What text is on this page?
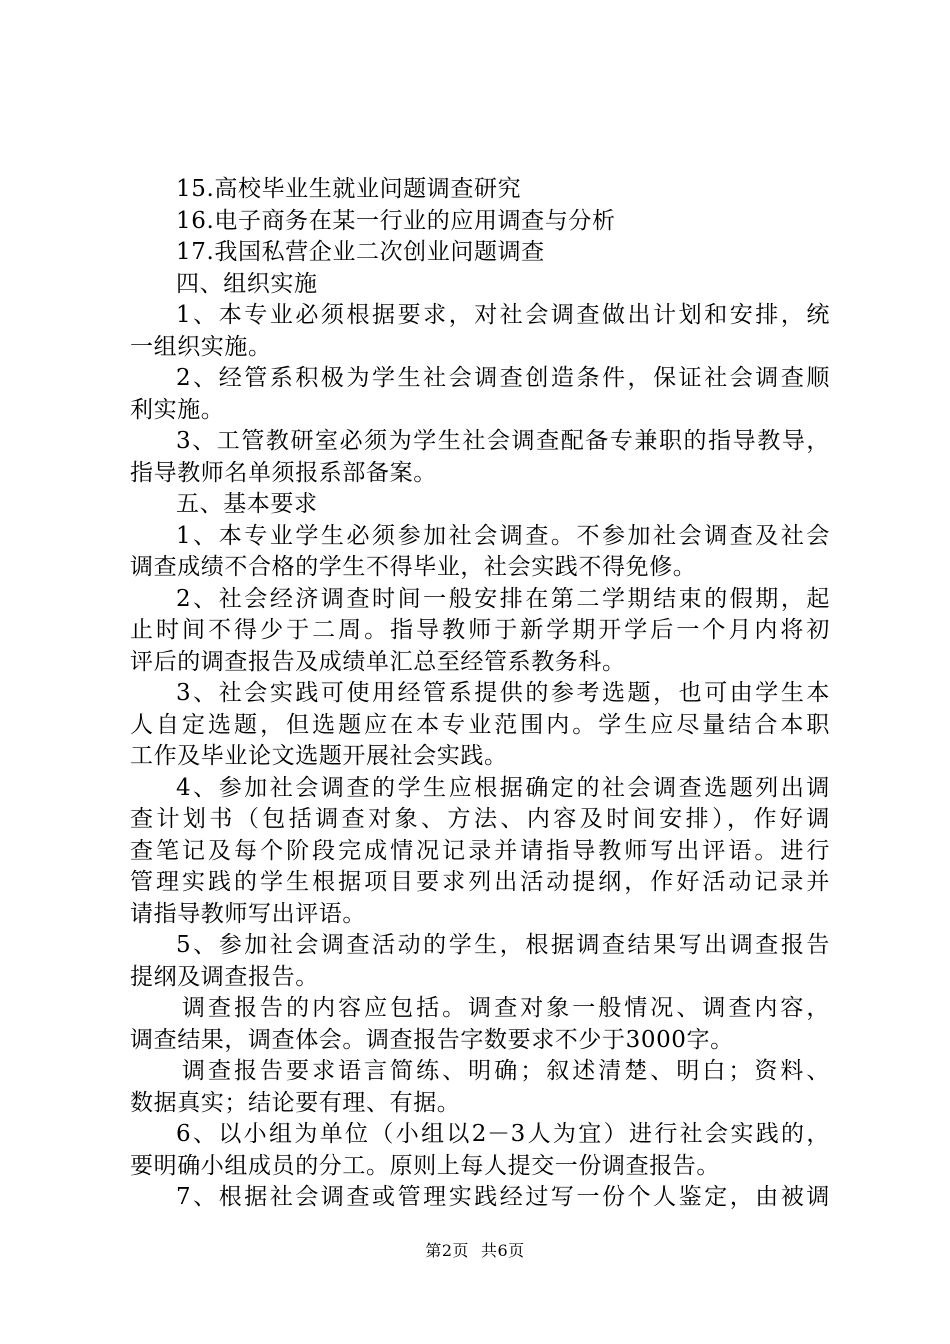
15.高校毕业生就业问题调查研究
16.电子商务在某一行业的应用调查与分析
17.我国私营企业二次创业问题调查
四、组织实施
1、本专业必须根据要求，对社会调查做出计划和安排，统
一组织实施。
2、经管系积极为学生社会调查创造条件，保证社会调查顺
利实施。
3、工管教研室必须为学生社会调查配备专兼职的指导教导，
指导教师名单须报系部备案。
五、基本要求
1、本专业学生必须参加社会调查。不参加社会调查及社会
调查成绩不合格的学生不得毕业，社会实践不得免修。
2、社会经济调查时间一般安排在第二学期结束的假期，起
止时间不得少于二周。指导教师于新学期开学后一个月内将初
评后的调查报告及成绩单汇总至经管系教务科。
3、社会实践可使用经管系提供的参考选题，也可由学生本
人自定选题，但选题应在本专业范围内。学生应尽量结合本职
工作及毕业论文选题开展社会实践。
4、参加社会调查的学生应根据确定的社会调查选题列出调
查计划书（包括调查对象、方法、内容及时间安排），作好调
查笔记及每个阶段完成情况记录并请指导教师写出评语。进行
管理实践的学生根据项目要求列出活动提纲，作好活动记录并
请指导教师写出评语。
5、参加社会调查活动的学生，根据调查结果写出调查报告
提纲及调查报告。
调查报告的内容应包括。调查对象一般情况、调查内容，
调查结果，调查体会。调查报告字数要求不少于3000字。
调查报告要求语言简练、明确；叙述清楚、明白；资料、
数据真实；结论要有理、有据。
6、以小组为单位（小组以2－3人为宜）进行社会实践的，
要明确小组成员的分工。原则上每人提交一份调查报告。
7、根据社会调查或管理实践经过写一份个人鉴定，由被调
第2页 共6页
